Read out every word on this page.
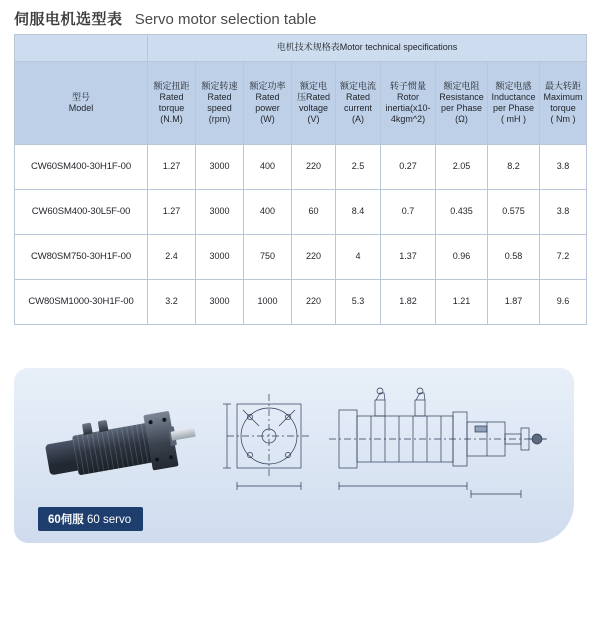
伺服电机选型表 Servo motor selection table
	电机技术规格表Motor technical specifications								
型号
Model	额定扭距
Rated
torque
(N.M)	额定转速
Rated
speed
(rpm)	额定功率
Rated
power
(W)	额定电
压Rated
voltage
(V)	额定电流
Rated
current
(A)	转子惯量
Rotor
inertia(x10-
4kgm^2)	额定电阻
Resistance
per Phase
(Ω)	额定电感
Inductance
per Phase
( mH )	最大转距
Maximum
torque
( Nm )

CW60SM400-30H1F-00	1.27	3000	400	220	2.5	0.27	2.05	8.2	3.8
CW60SM400-30L5F-00	1.27	3000	400	60	8.4	0.7	0.435	0.575	3.8
CW80SM750-30H1F-00	2.4	3000	750	220	4	1.37	0.96	0.58	7.2
CW80SM1000-30H1F-00	3.2	3000	1000	220	5.3	1.82	1.21	1.87	9.6
60伺服 60 servo
